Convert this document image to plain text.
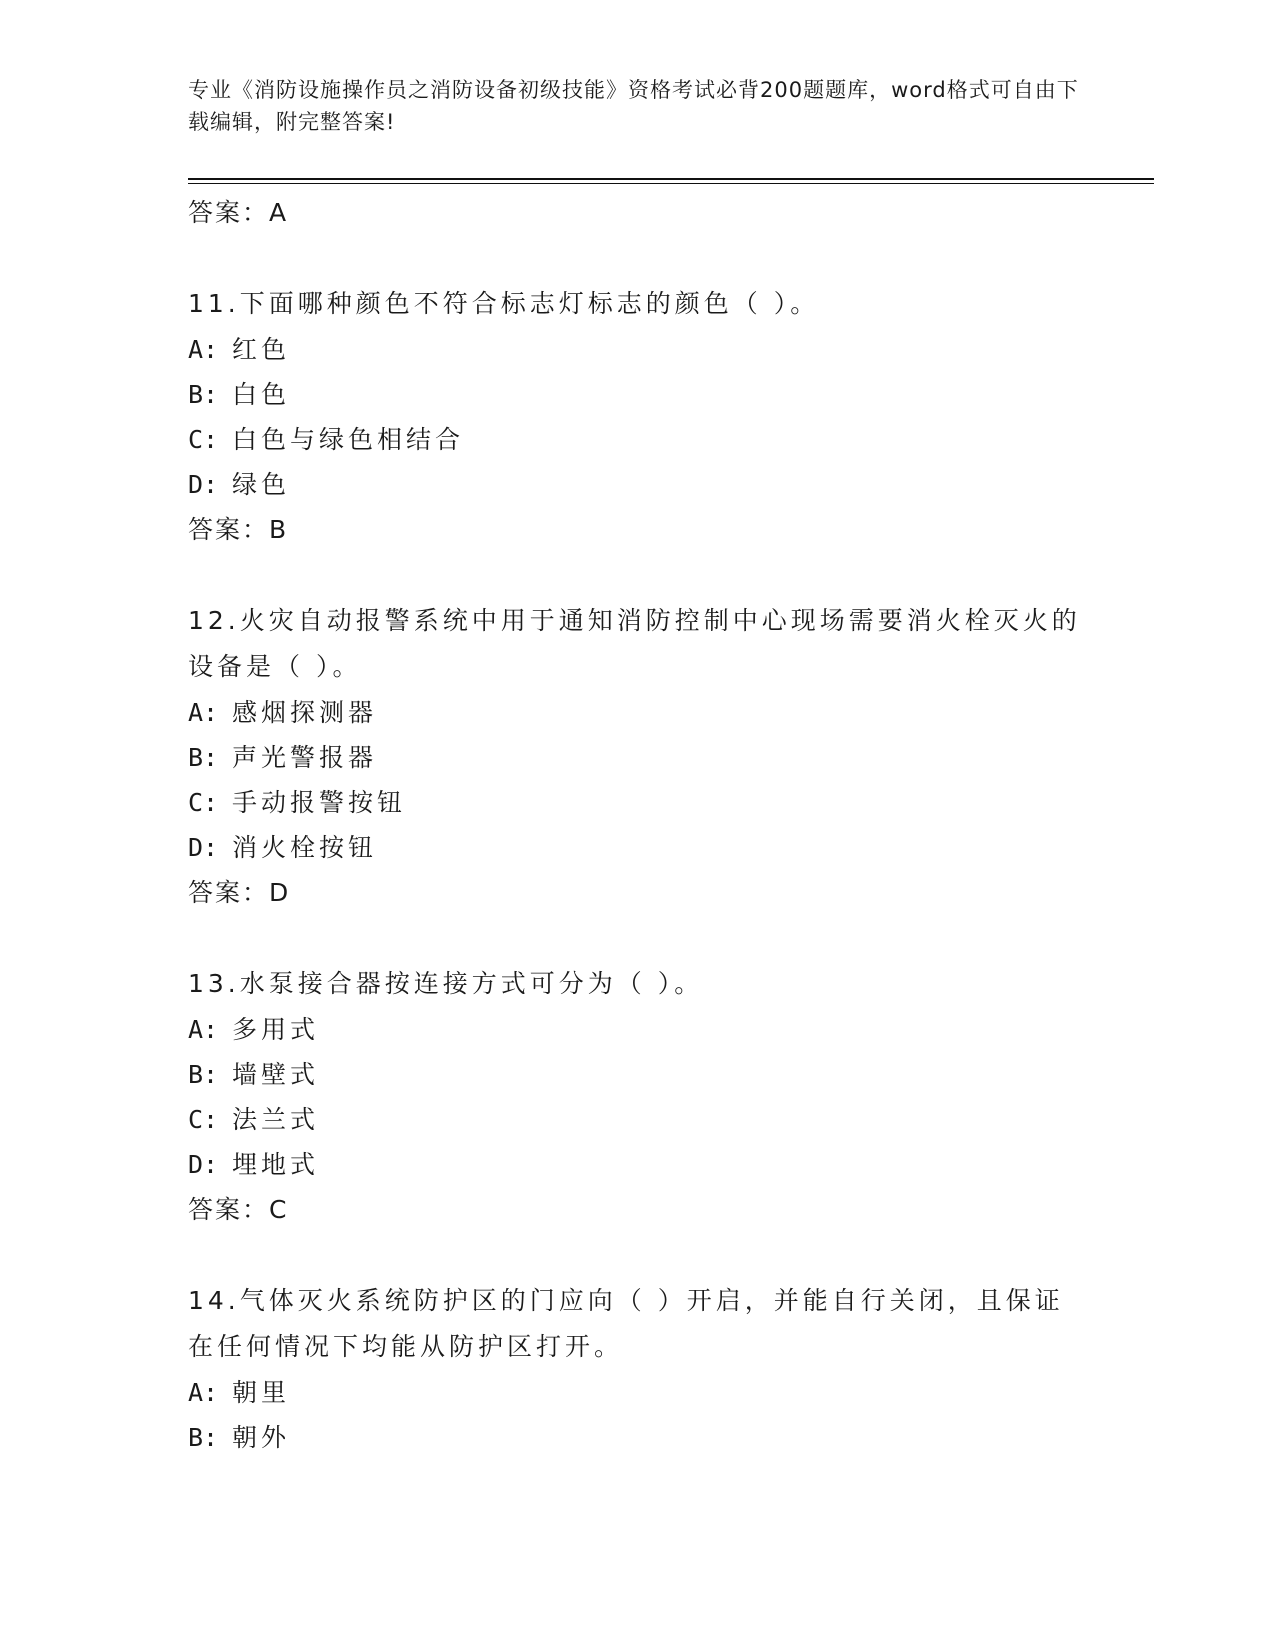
专业《消防设施操作员之消防设备初级技能》资格考试必背200题题库，word格式可自由下载编辑，附完整答案!
答案：A
11.下面哪种颜色不符合标志灯标志的颜色（ ）。
A: 红色
B: 白色
C: 白色与绿色相结合
D: 绿色
答案：B
12.火灾自动报警系统中用于通知消防控制中心现场需要消火栓灭火的设备是（ ）。
A: 感烟探测器
B: 声光警报器
C: 手动报警按钮
D: 消火栓按钮
答案：D
13.水泵接合器按连接方式可分为（ ）。
A: 多用式
B: 墙壁式
C: 法兰式
D: 埋地式
答案：C
14.气体灭火系统防护区的门应向（ ）开启，并能自行关闭，且保证在任何情况下均能从防护区打开。
A: 朝里
B: 朝外
